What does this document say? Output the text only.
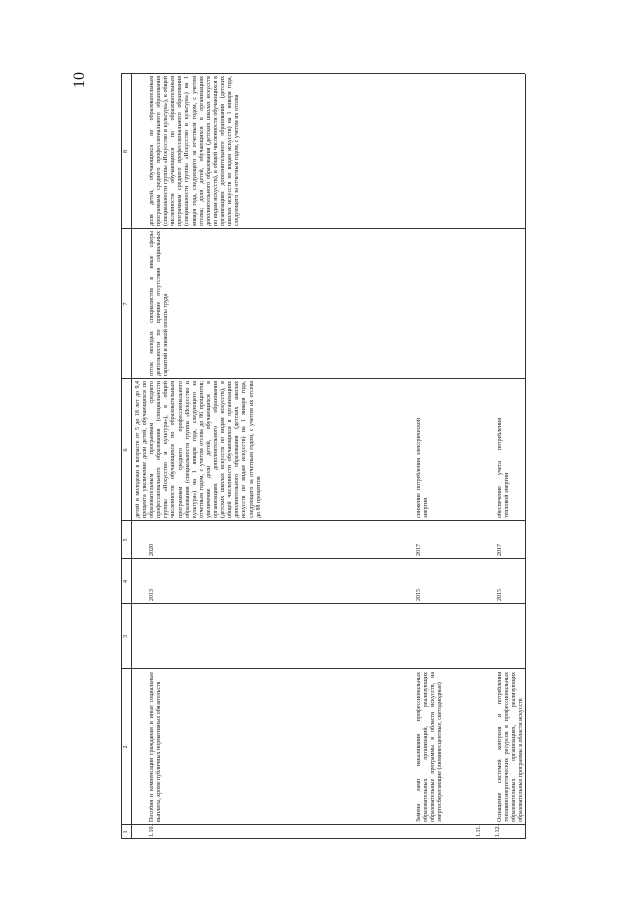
10
1
2
3
4
5
6
7
8
1.10.
Пособия и компенсации гражданам и иные социальные выплаты, кроме публичных нормативных обязательств
2013
2020
детей и молодежи в возрасте от 5 до 18 лет до 9,4 процента увеличение доли детей, обучающихся по образовательным программам среднего профессионального образования (специальности группы «Искусство и культура»), в общей численности обучающихся по образовательным программам среднего профессионального образования (специальности группы «Искусство и культура») на 1 января года, следующего за отчетным годом, с учетом отсева до 86 процентов; увеличение доли детей, обучающихся в организациях дополнительного образования (детских школах искусств по видам искусств), в общей численности обучающихся в организациях дополнительного образования (детских школах искусств по видам искусств) на 1 января года, следующего за отчетным годом, с учетом их отсева до 88 процентов
отток молодых специалистов в иные сферы деятельности по причине отсутствия социальных гарантий и низкой оплаты труда
доля детей, обучающихся по образовательным программам среднего профессионального образования (специальности группы «Искусство и культура»), в общей численности обучающихся по образовательным программам среднего профессионального образования (специальности группы «Искусство и культура») на 1 января года, следующего за отчетным годом, с учетом отсева; доля детей, обучающихся в организациях дополнительного образования (детских школах искусств по видам искусств), в общей численности обучающихся в организациях дополнительного образования (детских школах искусств по видам искусств) на 1 января года, следующего за отчетным годом, с учетом их отсева
1.11.
Замена ламп накаливания профессиональных образовательных организаций, реализующих образовательные программы в области искусств, на энергосберегающие (люминесцентные, светодиодные)
2015
2017
снижение потребления электрической энергии
1.12.
Оснащение системой контроля и потребления топливноэнергетических ресурсов в профессиональных образовательных организациях, реализующих образовательные программы в области искусств
2015
2017
обеспечение учета потребления тепловой энергии
